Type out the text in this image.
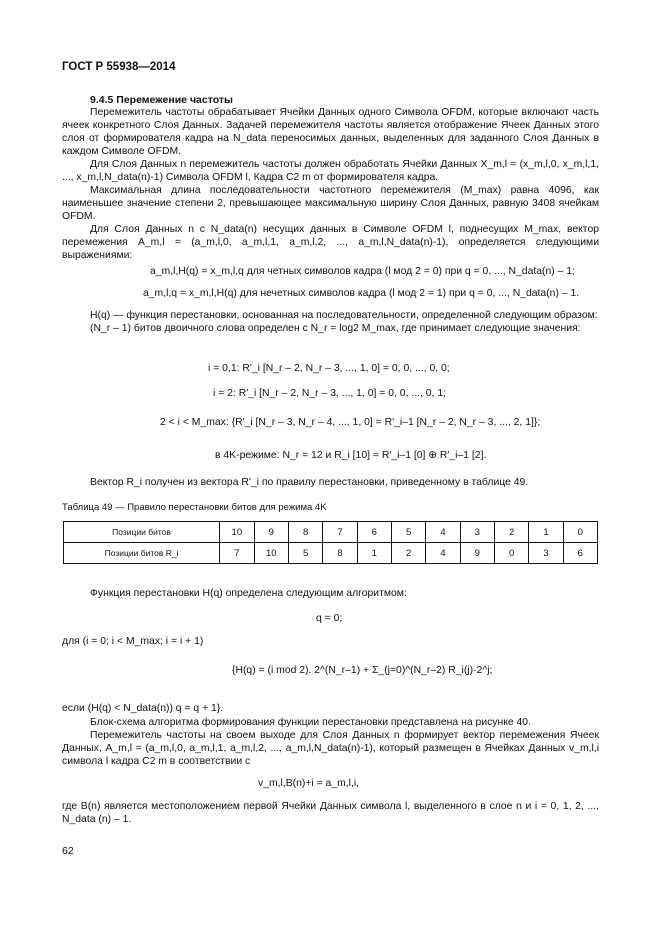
ГОСТ Р 55938—2014
9.4.5 Перемежение частоты

Перемежитель частоты обрабатывает Ячейки Данных одного Символа OFDM, которые включают часть ячеек конкретного Слоя Данных. Задачей перемежителя частоты является отображение Ячеек Данных этого слоя от формирователя кадра на N_data переносимых данных, выделенных для заданного Слоя Данных в каждом Символе OFDM.

Для Слоя Данных n перемежитель частоты должен обработать Ячейки Данных X_m,l = (x_m,l,0, x_m,l,1, ..., x_m,l,N_data(n)-1) Символа OFDM l, Кадра С2 m от формирователя кадра.

Максимальная длина последовательности частотного перемежителя (M_max) равна 4096, как наименьшее значение степени 2, превышающее максимальную ширину Слоя Данных, равную 3408 ячейкам OFDM.

Для Слоя Данных n с N_data(n) несущих данных в Символе OFDM l, поднесущих M_max, вектор перемежения A_m,l = (a_m,l,0, a_m,l,1, a_m,l,2, ..., a_m,l,N_data(n)-1), определяется следующими выражениями:

a_m,l,H(q) = x_m,l,q для четных символов кадра (l мод 2 = 0) при q = 0, ..., N_data(n) – 1;
a_m,l,q = x_m,l,H(q) для нечетных символов кадра (l мод 2 = 1) при q = 0, ..., N_data(n) – 1.

H(q) — функция перестановки, основанная на последовательности, определенной следующим образом:

(N_r – 1) битов двоичного слова определен с N_r = log2 M_max, где принимает следующие значения:

i = 0,1: R'_i [N_r – 2, N_r – 3, ..., 1, 0] = 0, 0, ..., 0, 0;
i = 2: R'_i [N_r – 2, N_r – 3, ..., 1, 0] = 0, 0, ..., 0, 1;
2 < i < M_max: {R'_i [N_r – 3, N_r – 4, ..., 1, 0] = R'_i–1 [N_r – 2, N_r – 3, ..., 2, 1]};
в 4K-режиме: N_r = 12 и R_i [10] = R'_i–1 [0] ⊕ R'_i–1 [2].

Вектор R_i получен из вектора R'_i по правилу перестановки, приведенному в таблице 49.

Таблица 49 — Правило перестановки битов для режима 4K
Позиции битов	10	9	8	7	6	5	4	3	2	1	0
Позиции битов R_i	7	10	5	8	1	2	4	9	0	3	6

Функция перестановки H(q) определена следующим алгоритмом:

q = 0;
для (i = 0; i < M_max; i = i + 1)
{H(q) = (i mod 2). 2^(N_r–1) + Σ_(j=0)^(N_r–2) R_i(j)·2^j;
если (H(q) < N_data(n)) q = q + 1}.

Блок-схема алгоритма формирования функции перестановки представлена на рисунке 40.

Перемежитель частоты на своем выходе для Слоя Данных n формирует вектор перемежения Ячеек Данных, A_m,l = (a_m,l,0, a_m,l,1, a_m,l,2, ..., a_m,l,N_data(n)-1), который размещен в Ячейках Данных v_m,l,i символа l кадра С2 m в соответствии с

v_m,l,B(n)+i = a_m,l,i,

где B(n) является местоположением первой Ячейки Данных символа l, выделенного в слое n и i = 0, 1, 2, ..., N_data (n) – 1.

62
